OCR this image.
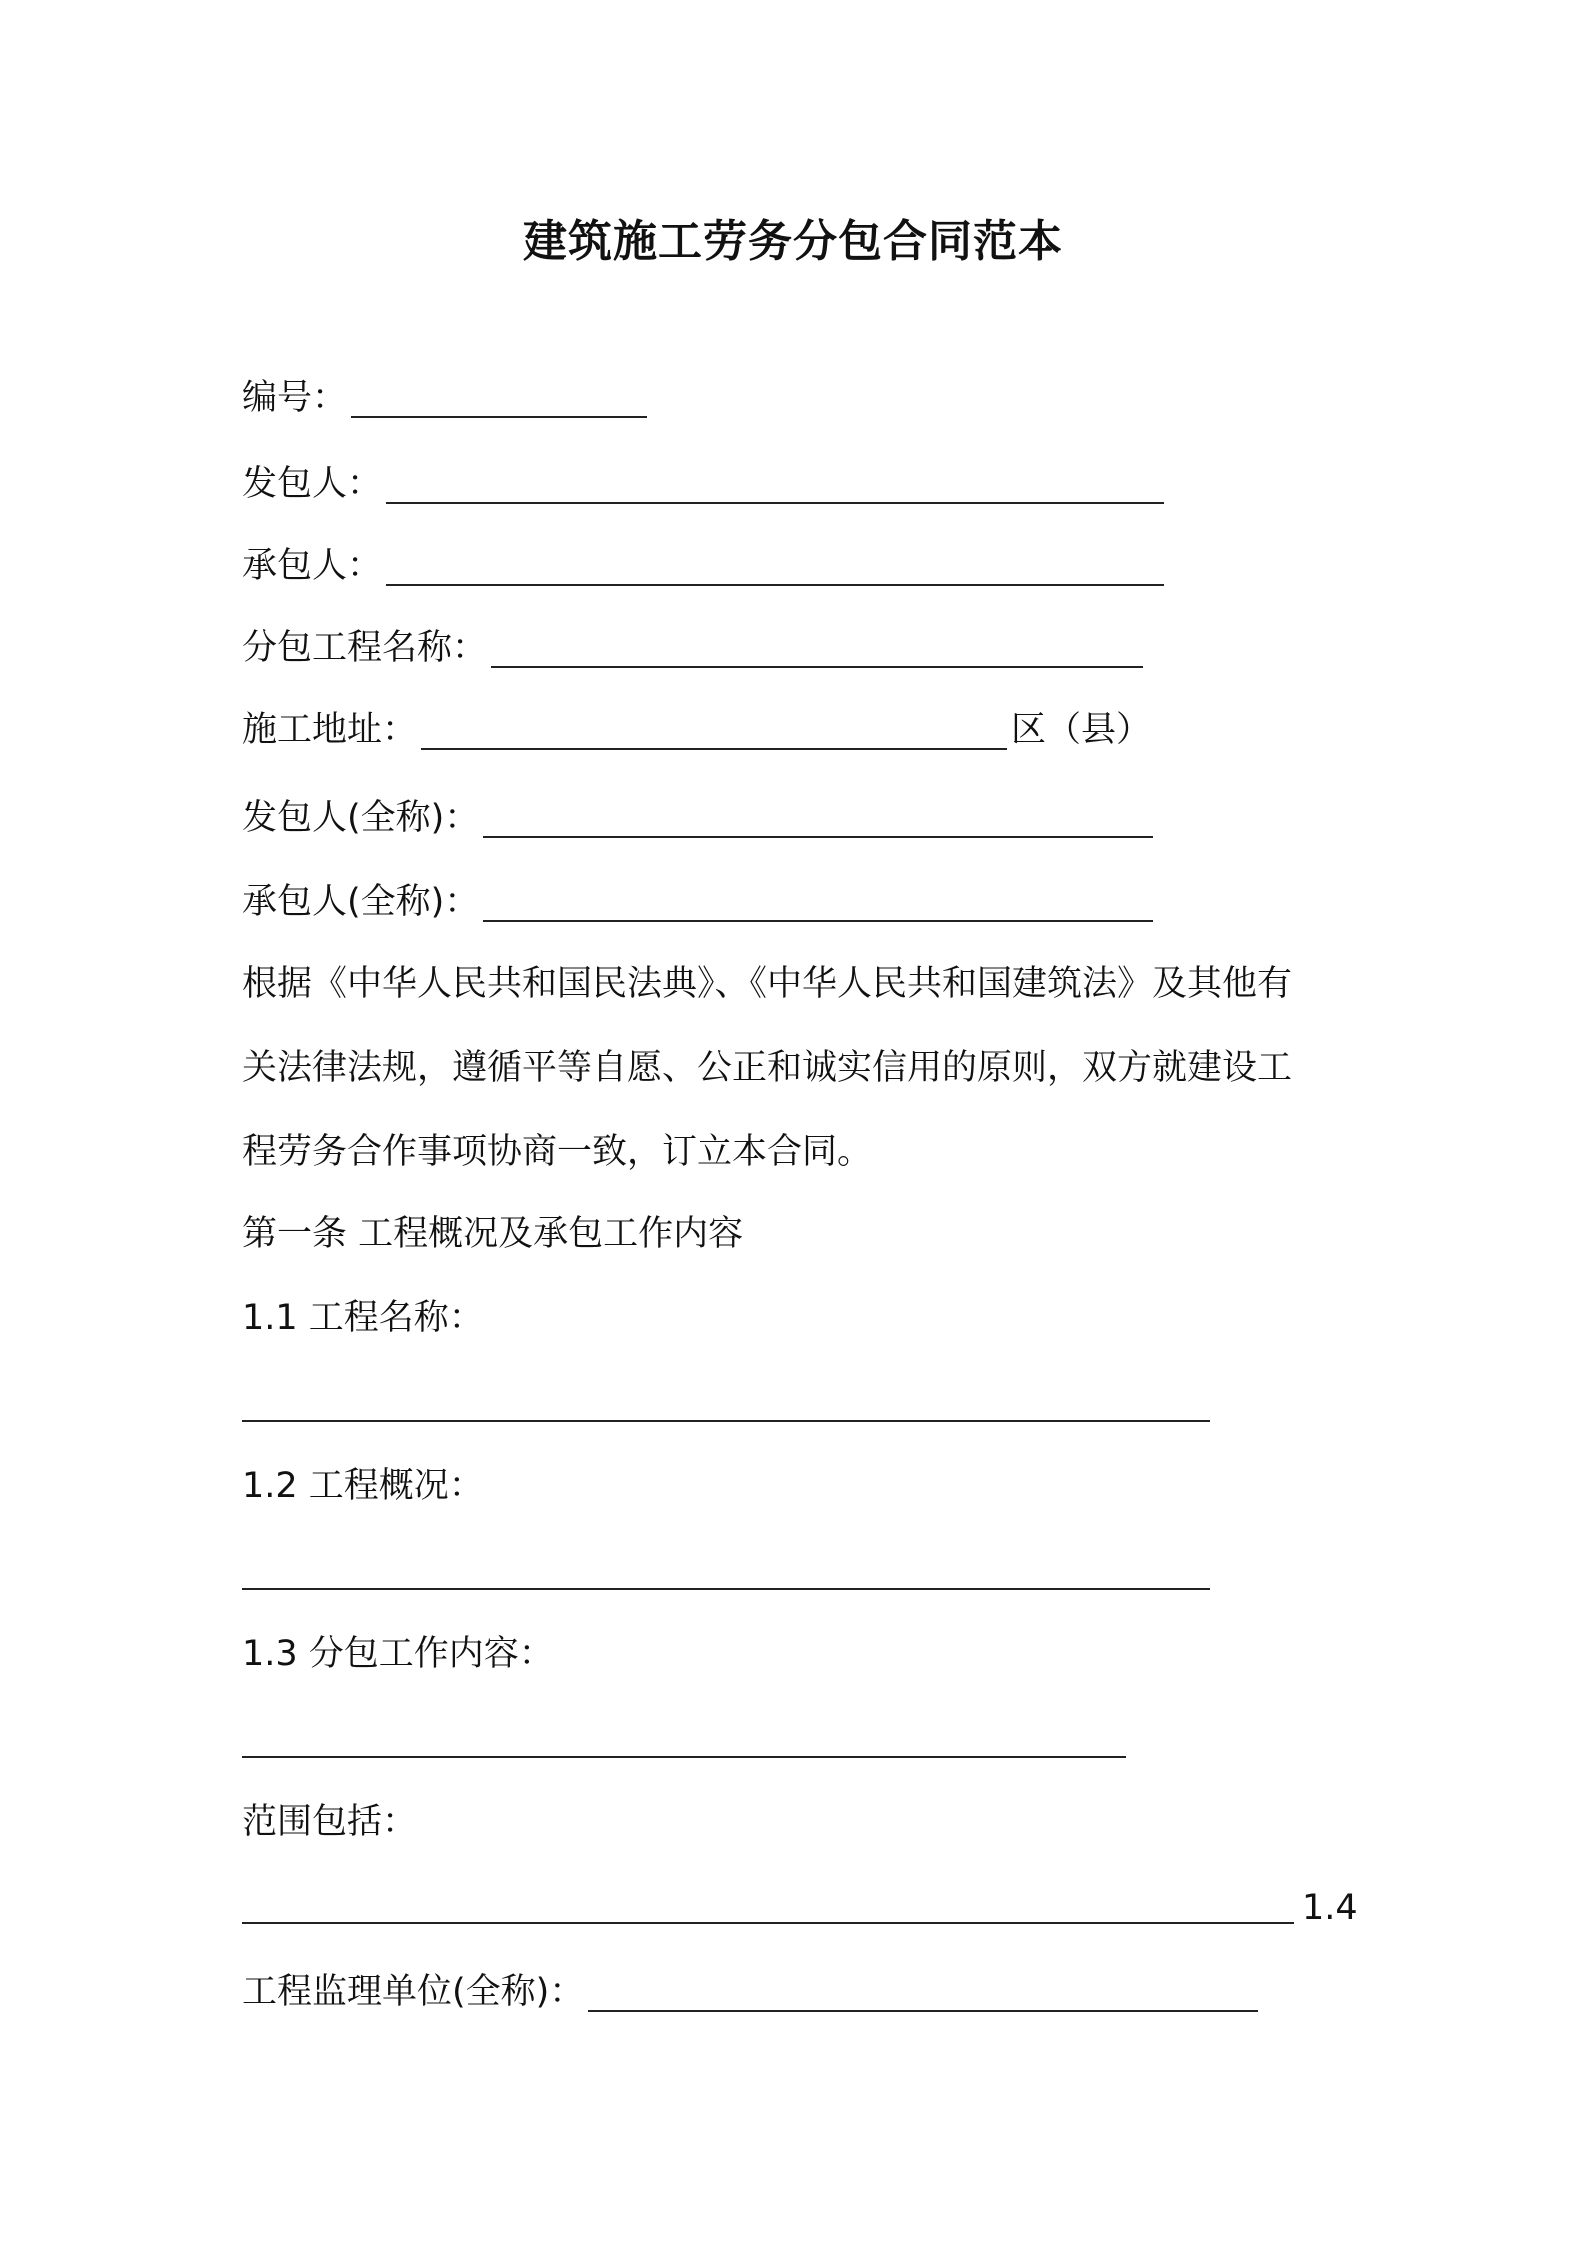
建筑施工劳务分包合同范本
编号：
发包人：
承包人：
分包工程名称：
施工地址：	区（县）
发包人(全称)：
承包人(全称)：
根据《中华人民共和国民法典》、《中华人民共和国建筑法》及其他有
关法律法规，遵循平等自愿、公正和诚实信用的原则，双方就建设工
程劳务合作事项协商一致，订立本合同。
第一条 工程概况及承包工作内容
1.1 工程名称：
1.2 工程概况：
1.3 分包工作内容：
范围包括：
1.4
工程监理单位(全称)：
